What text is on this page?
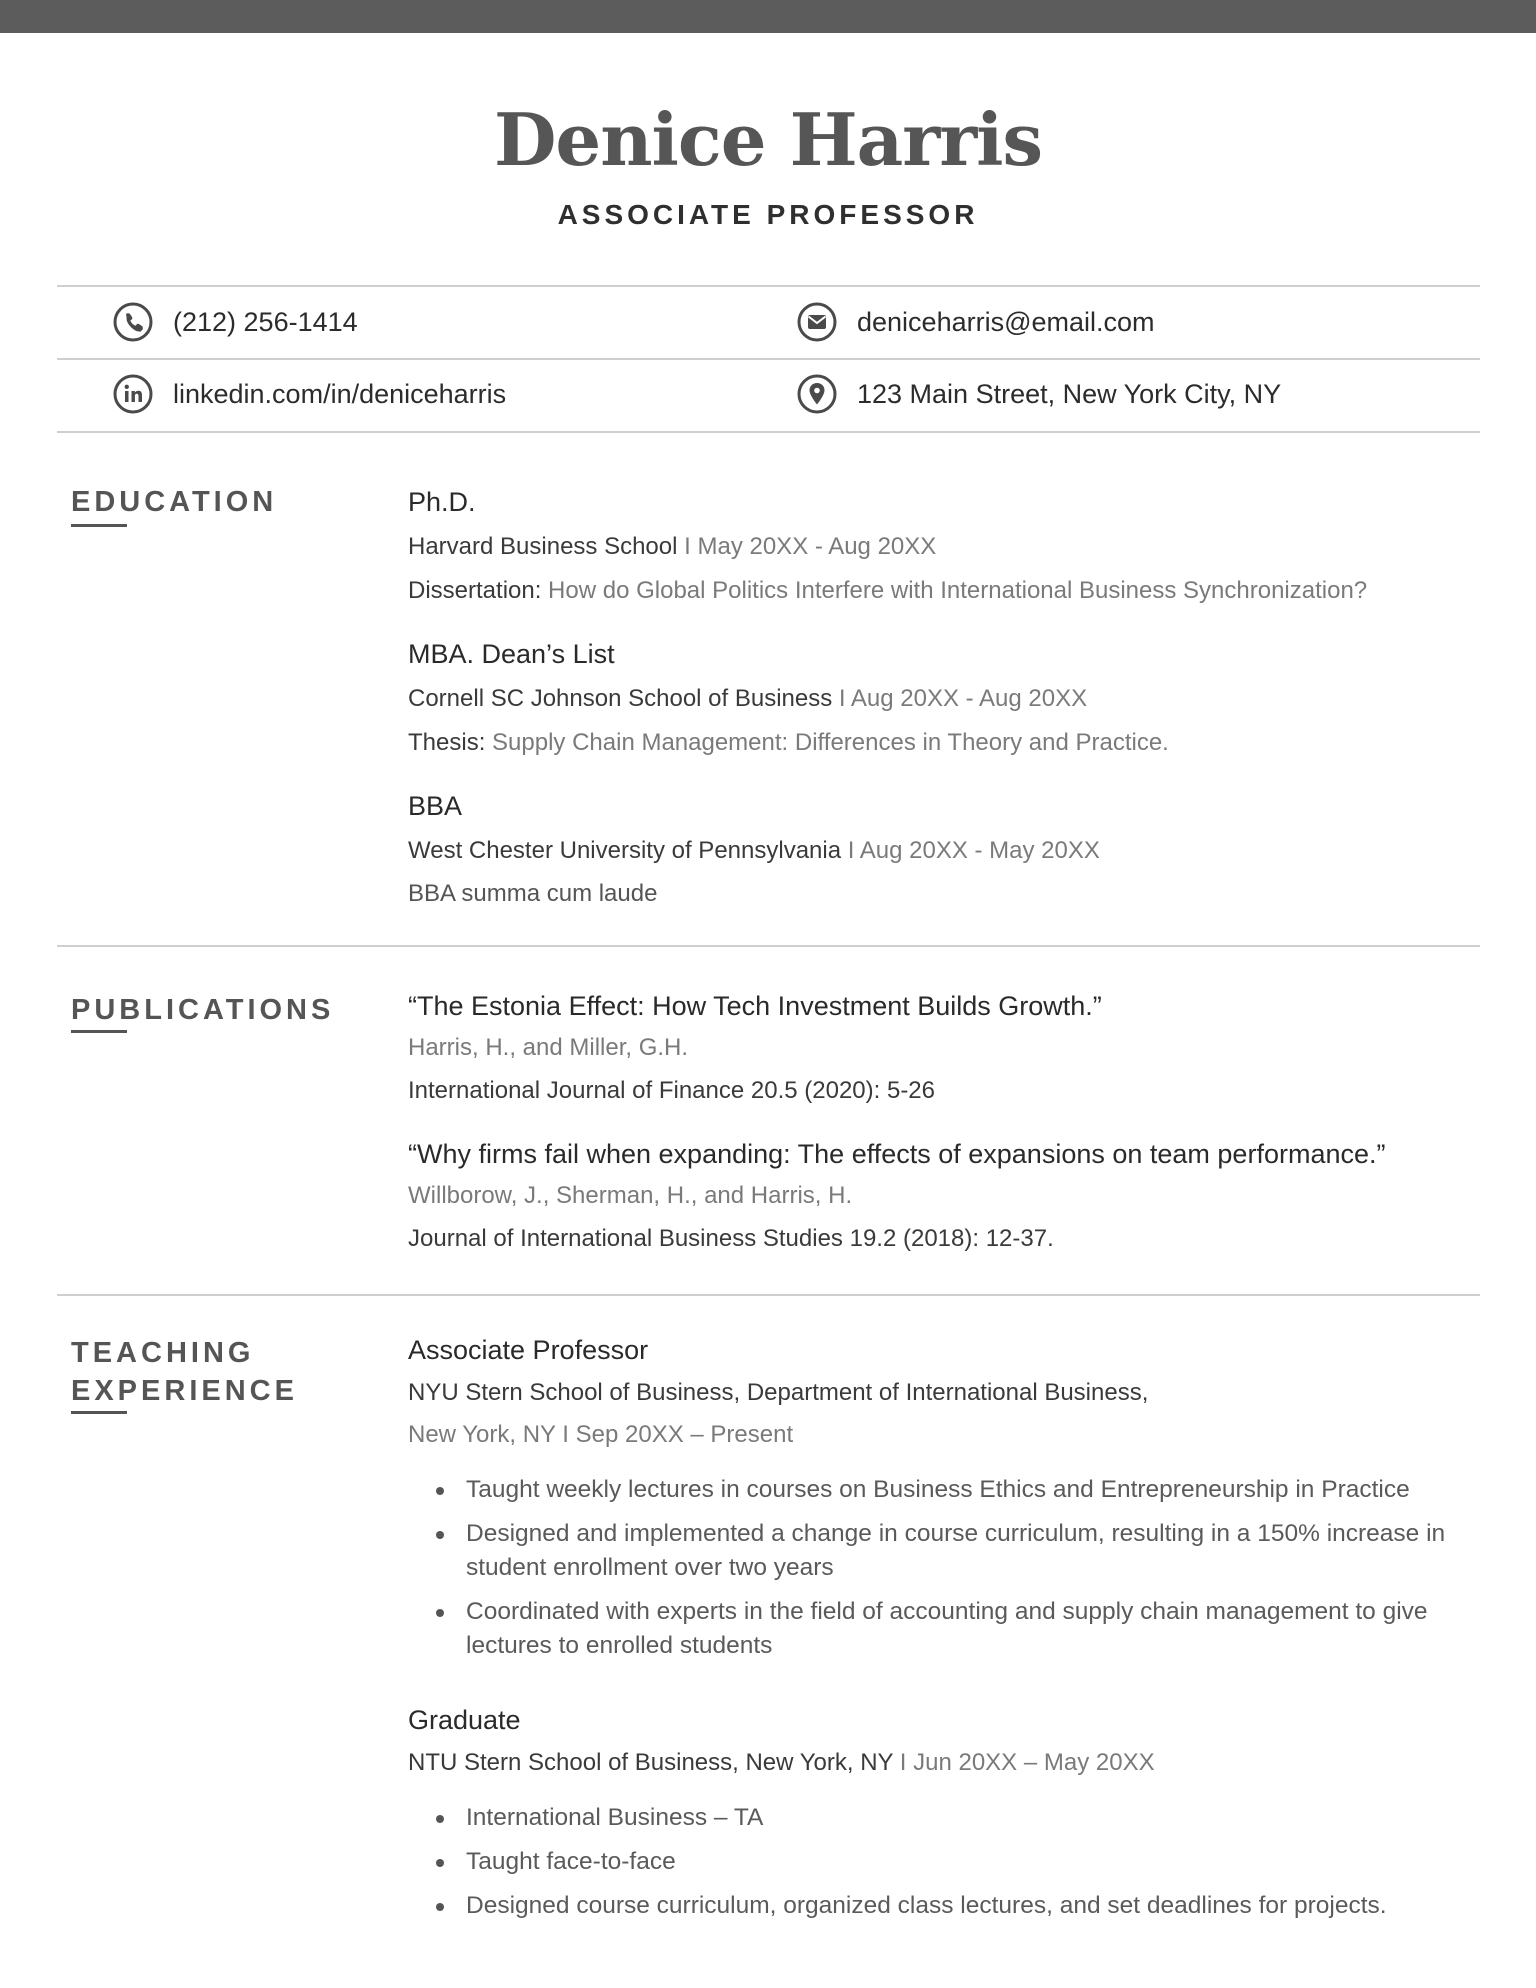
Denice Harris
ASSOCIATE PROFESSOR
(212) 256-1414	deniceharris@email.com
linkedin.com/in/deniceharris	123 Main Street, New York City, NY
EDUCATION	Ph.D.
Harvard Business School I May 20XX - Aug 20XX
Dissertation: How do Global Politics Interfere with International Business Synchronization?
MBA. Dean’s List
Cornell SC Johnson School of Business I Aug 20XX - Aug 20XX
Thesis: Supply Chain Management: Differences in Theory and Practice.
BBA
West Chester University of Pennsylvania I Aug 20XX - May 20XX
BBA summa cum laude
PUBLICATIONS	“The Estonia Effect: How Tech Investment Builds Growth.”
Harris, H., and Miller, G.H.
International Journal of Finance 20.5 (2020): 5-26
“Why firms fail when expanding: The effects of expansions on team performance.”
Willborow, J., Sherman, H., and Harris, H.
Journal of International Business Studies 19.2 (2018): 12-37.
TEACHING
EXPERIENCE
Associate Professor
NYU Stern School of Business, Department of International Business,
New York, NY I Sep 20XX – Present
Taught weekly lectures in courses on Business Ethics and Entrepreneurship in Practice
Designed and implemented a change in course curriculum, resulting in a 150% increase in student enrollment over two years
Coordinated with experts in the field of accounting and supply chain management to give lectures to enrolled students
Graduate
NTU Stern School of Business, New York, NY I Jun 20XX – May 20XX
International Business – TA
Taught face-to-face
Designed course curriculum, organized class lectures, and set deadlines for projects.
